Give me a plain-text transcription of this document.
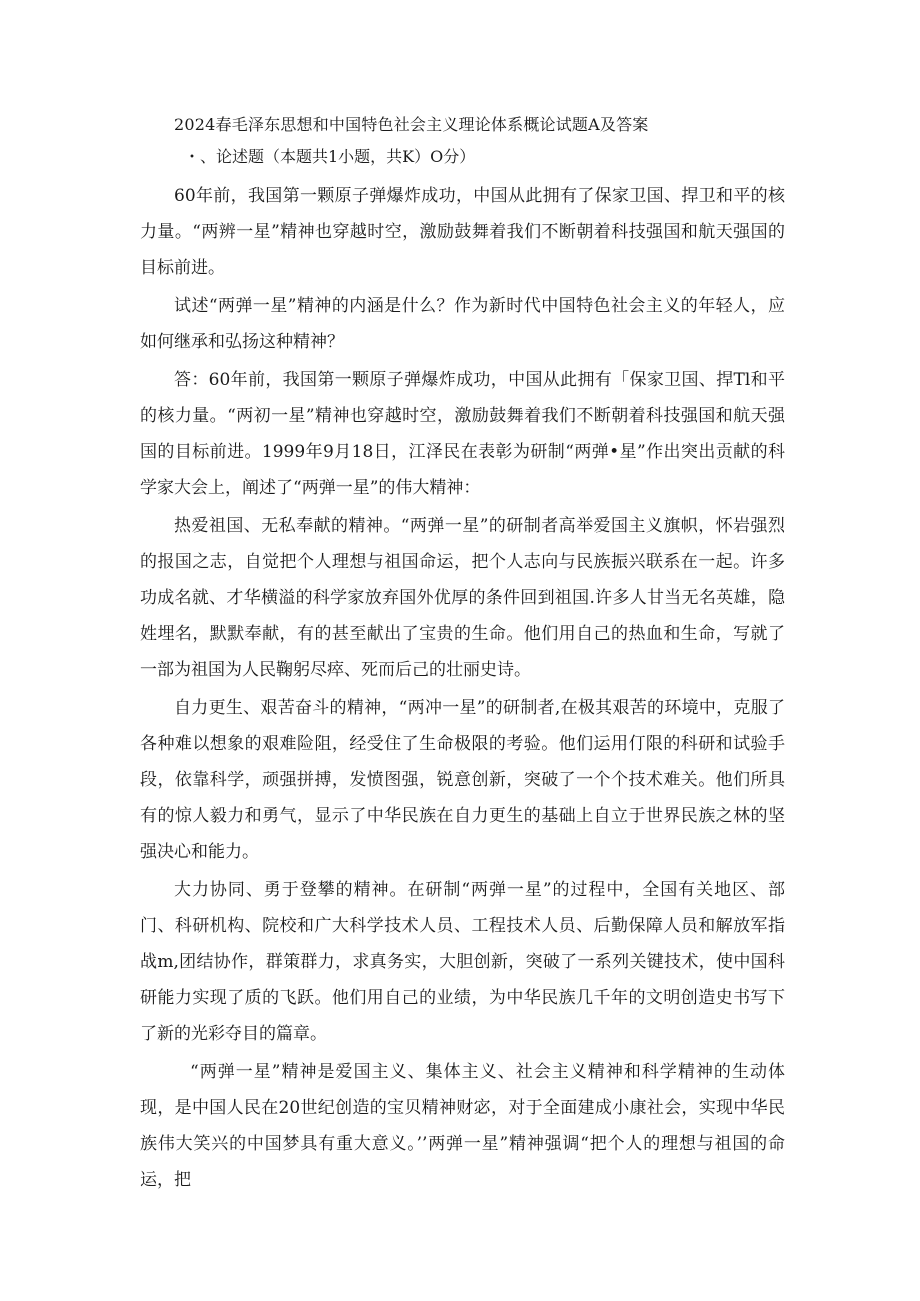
2024春毛泽东思想和中国特色社会主义理论体系概论试题A及答案
・、论述题（本题共1小题，共K）O分）

60年前，我国第一颗原子弹爆炸成功，中国从此拥有了保家卫国、捍卫和平的核力量。“两辨一星”精神也穿越时空，激励鼓舞着我们不断朝着科技强国和航天强国的目标前进。

试述“两弹一星”精神的内涵是什么？作为新时代中国特色社会主义的年轻人，应如何继承和弘扬这种精神？

答：60年前，我国第一颗原子弹爆炸成功，中国从此拥有「保家卫国、捍Tl和平的核力量。“两初一星”精神也穿越时空，激励鼓舞着我们不断朝着科技强国和航天强国的目标前进。1999年9月18日，江泽民在表彰为研制“两弹•星”作出突出贡献的科学家大会上，阐述了“两弹一星”的伟大精神：

热爱祖国、无私奉献的精神。“两弹一星”的研制者高举爱国主义旗帜，怀岩强烈的报国之志，自觉把个人理想与祖国命运，把个人志向与民族振兴联系在一起。许多功成名就、才华横溢的科学家放弃国外优厚的条件回到祖国.许多人甘当无名英雄，隐姓埋名，默默奉献，有的甚至献出了宝贵的生命。他们用自己的热血和生命，写就了一部为祖国为人民鞠躬尽瘁、死而后己的壮丽史诗。

自力更生、艰苦奋斗的精神，“两冲一星”的研制者,在极其艰苦的环境中，克服了各种难以想象的艰难险阻，经受住了生命极限的考验。他们运用仃限的科研和试验手段，依靠科学，顽强拼搏，发愤图强，锐意创新，突破了一个个技术难关。他们所具有的惊人毅力和勇气，显示了中华民族在自力更生的基础上自立于世界民族之林的坚强决心和能力。

大力协同、勇于登攀的精神。在研制“两弹一星”的过程中，全国有关地区、部门、科研机构、院校和广大科学技术人员、工程技术人员、后勤保障人员和解放军指战m,团结协作，群策群力，求真务实，大胆创新，突破了一系列关键技术，使中国科研能力实现了质的飞跃。他们用自己的业绩，为中华民族几千年的文明创造史书写下了新的光彩夺目的篇章。

“两弹一星”精神是爱国主义、集体主义、社会主义精神和科学精神的生动体现，是中国人民在20世纪创造的宝贝精神财宓，对于全面建成小康社会，实现中华民族伟大笑兴的中国梦具有重大意义。’’两弹一星”精神强调“把个人的理想与祖国的命运，把
